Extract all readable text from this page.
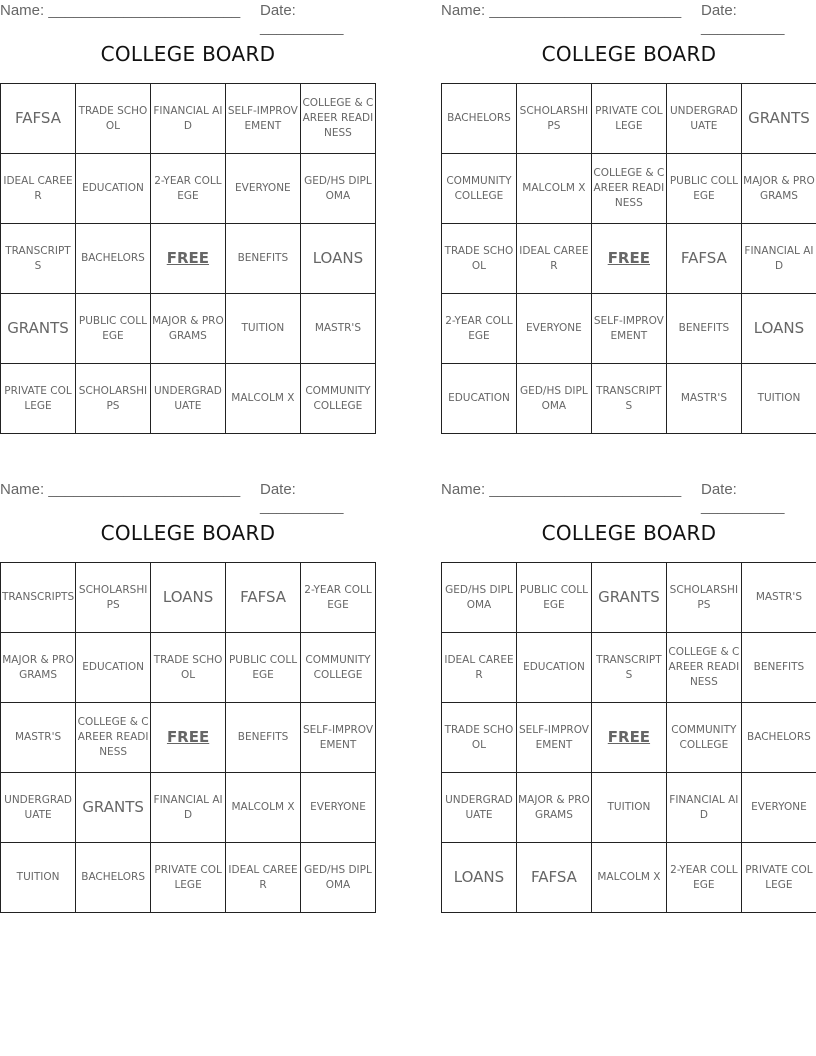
Name: _______________________ Date: __________
COLLEGE BOARD
FAFSA	TRADE SCHOOL	FINANCIAL AID	SELF-IMPROVEMENT	COLLEGE & CAREER READINESS
IDEAL CAREER	EDUCATION	2-YEAR COLLEGE	EVERYONE	GED/HS DIPLOMA
TRANSCRIPTS	BACHELORS	FREE	BENEFITS	LOANS
GRANTS	PUBLIC COLLEGE	MAJOR & PROGRAMS	TUITION	MASTR'S
PRIVATE COLLEGE	SCHOLARSHIPS	UNDERGRADUATE	MALCOLM X	COMMUNITY COLLEGE
Name: _______________________ Date: __________
COLLEGE BOARD
BACHELORS	SCHOLARSHIPS	PRIVATE COLLEGE	UNDERGRADUATE	GRANTS
COMMUNITY COLLEGE	MALCOLM X	COLLEGE & CAREER READINESS	PUBLIC COLLEGE	MAJOR & PROGRAMS
TRADE SCHOOL	IDEAL CAREER	FREE	FAFSA	FINANCIAL AID
2-YEAR COLLEGE	EVERYONE	SELF-IMPROVEMENT	BENEFITS	LOANS
EDUCATION	GED/HS DIPLOMA	TRANSCRIPTS	MASTR'S	TUITION
Name: _______________________ Date: __________
COLLEGE BOARD
TRANSCRIPTS	SCHOLARSHIPS	LOANS	FAFSA	2-YEAR COLLEGE
MAJOR & PROGRAMS	EDUCATION	TRADE SCHOOL	PUBLIC COLLEGE	COMMUNITY COLLEGE
MASTR'S	COLLEGE & CAREER READINESS	FREE	BENEFITS	SELF-IMPROVEMENT
UNDERGRADUATE	GRANTS	FINANCIAL AID	MALCOLM X	EVERYONE
TUITION	BACHELORS	PRIVATE COLLEGE	IDEAL CAREER	GED/HS DIPLOMA
Name: _______________________ Date: __________
COLLEGE BOARD
GED/HS DIPLOMA	PUBLIC COLLEGE	GRANTS	SCHOLARSHIPS	MASTR'S
IDEAL CAREER	EDUCATION	TRANSCRIPTS	COLLEGE & CAREER READINESS	BENEFITS
TRADE SCHOOL	SELF-IMPROVEMENT	FREE	COMMUNITY COLLEGE	BACHELORS
UNDERGRADUATE	MAJOR & PROGRAMS	TUITION	FINANCIAL AID	EVERYONE
LOANS	FAFSA	MALCOLM X	2-YEAR COLLEGE	PRIVATE COLLEGE
